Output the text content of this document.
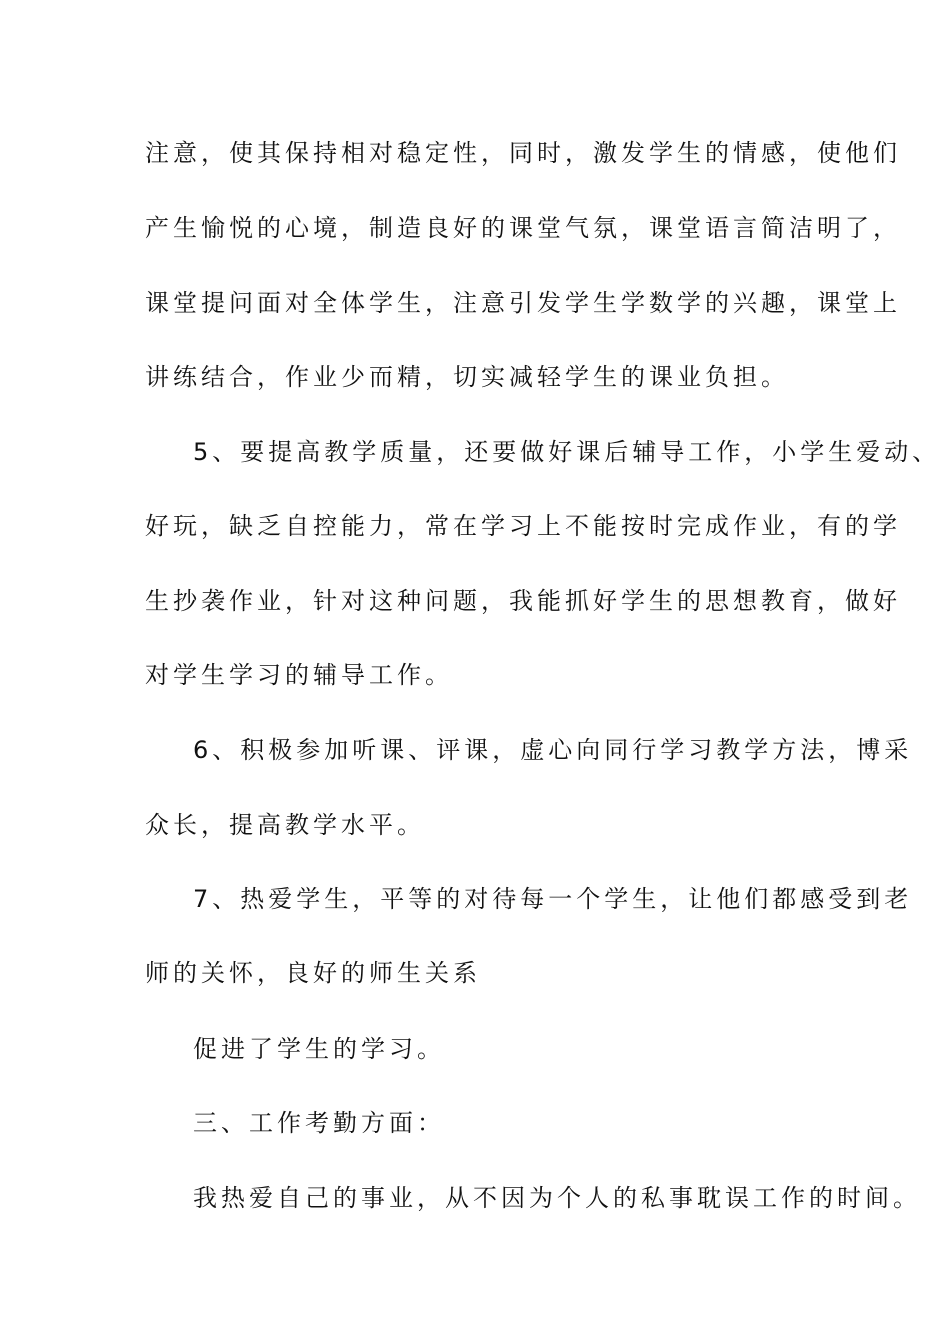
注意，使其保持相对稳定性，同时，激发学生的情感，使他们
产生愉悦的心境，制造良好的课堂气氛，课堂语言简洁明了，
课堂提问面对全体学生，注意引发学生学数学的兴趣，课堂上
讲练结合，作业少而精，切实减轻学生的课业负担。
5、要提高教学质量，还要做好课后辅导工作，小学生爱动、
好玩，缺乏自控能力，常在学习上不能按时完成作业，有的学
生抄袭作业，针对这种问题，我能抓好学生的思想教育，做好
对学生学习的辅导工作。
6、积极参加听课、评课，虚心向同行学习教学方法，博采
众长，提高教学水平。
7、热爱学生，平等的对待每一个学生，让他们都感受到老
师的关怀，良好的师生关系
促进了学生的学习。
三、工作考勤方面：
我热爱自己的事业，从不因为个人的私事耽误工作的时间。
